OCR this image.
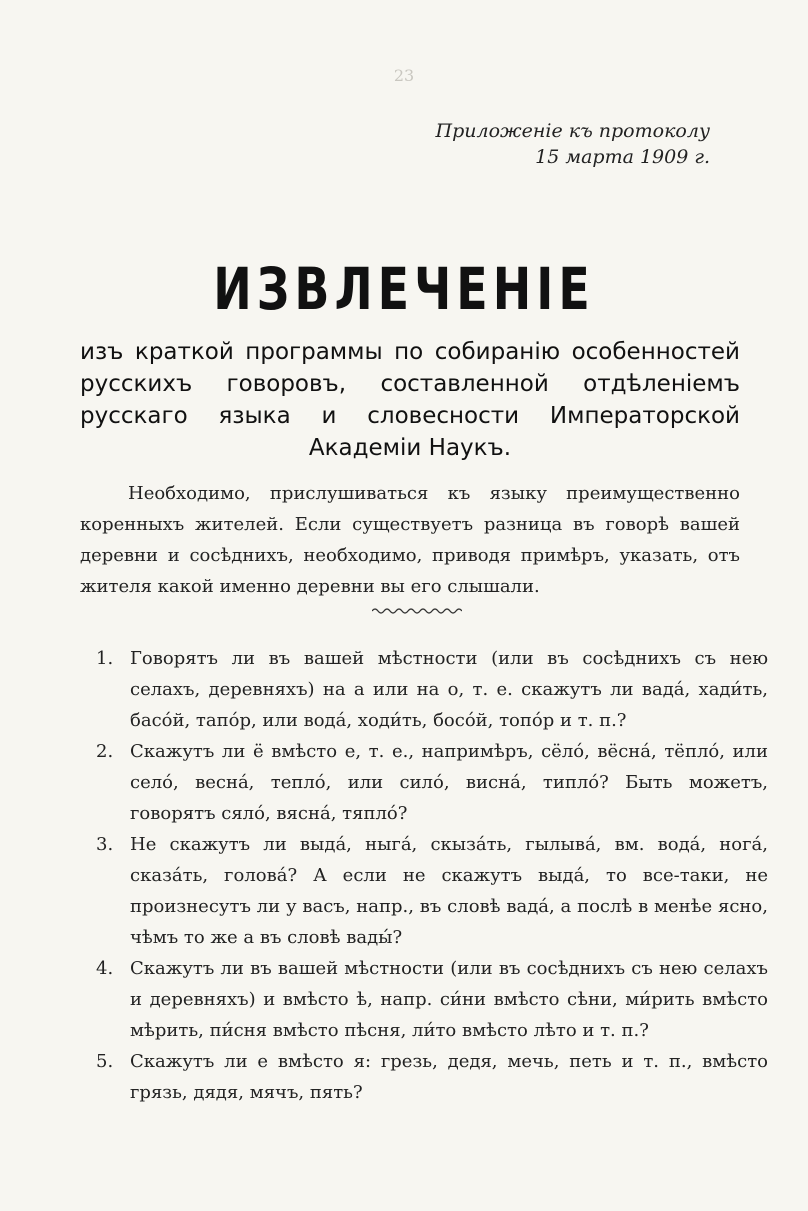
23
Приложеніе къ протоколу
15 марта 1909 г.
ИЗВЛЕЧЕНІЕ
изъ краткой программы по собиранію особенностей русскихъ говоровъ, составленной отдѣленіемъ русскаго языка и словесности Императорской Академіи Наукъ.

Необходимо, прислушиваться къ языку преимущественно коренныхъ жителей. Если существуетъ разница въ говорѣ вашей деревни и сосѣднихъ, необходимо, приводя примѣръ, указать, отъ жителя какой именно деревни вы его слышали.

1. Говорятъ ли въ вашей мѣстности (или въ сосѣднихъ съ нею селахъ, деревняхъ) на а или на о, т. е. скажутъ ли вада́, хади́ть, басо́й, тапо́р, или вода́, ходи́ть, босо́й, топо́р и т. п.?
2. Скажутъ ли ё вмѣсто е, т. е., напримѣръ, сёло́, вёсна́, тёпло́, или село́, весна́, тепло́, или сило́, висна́, типло́? Быть можетъ, говорятъ сяло́, вясна́, тяпло́?
3. Не скажутъ ли выда́, ныга́, скыза́ть, гылыва́, вм. вода́, нога́, сказа́ть, голова́? А если не скажутъ выда́, то все-таки, не произнесутъ ли у васъ, напр., въ словѣ вада́, а послѣ в менѣе ясно, чѣмъ то же а въ словѣ вады́?
4. Скажутъ ли въ вашей мѣстности (или въ сосѣднихъ съ нею селахъ и деревняхъ) и вмѣсто ѣ, напр. си́ни вмѣсто сѣни, ми́рить вмѣсто мѣрить, пи́сня вмѣсто пѣсня, ли́то вмѣсто лѣто и т. п.?
5. Скажутъ ли е вмѣсто я: грезь, дедя, мечь, петь и т. п., вмѣсто грязь, дядя, мячъ, пять?
